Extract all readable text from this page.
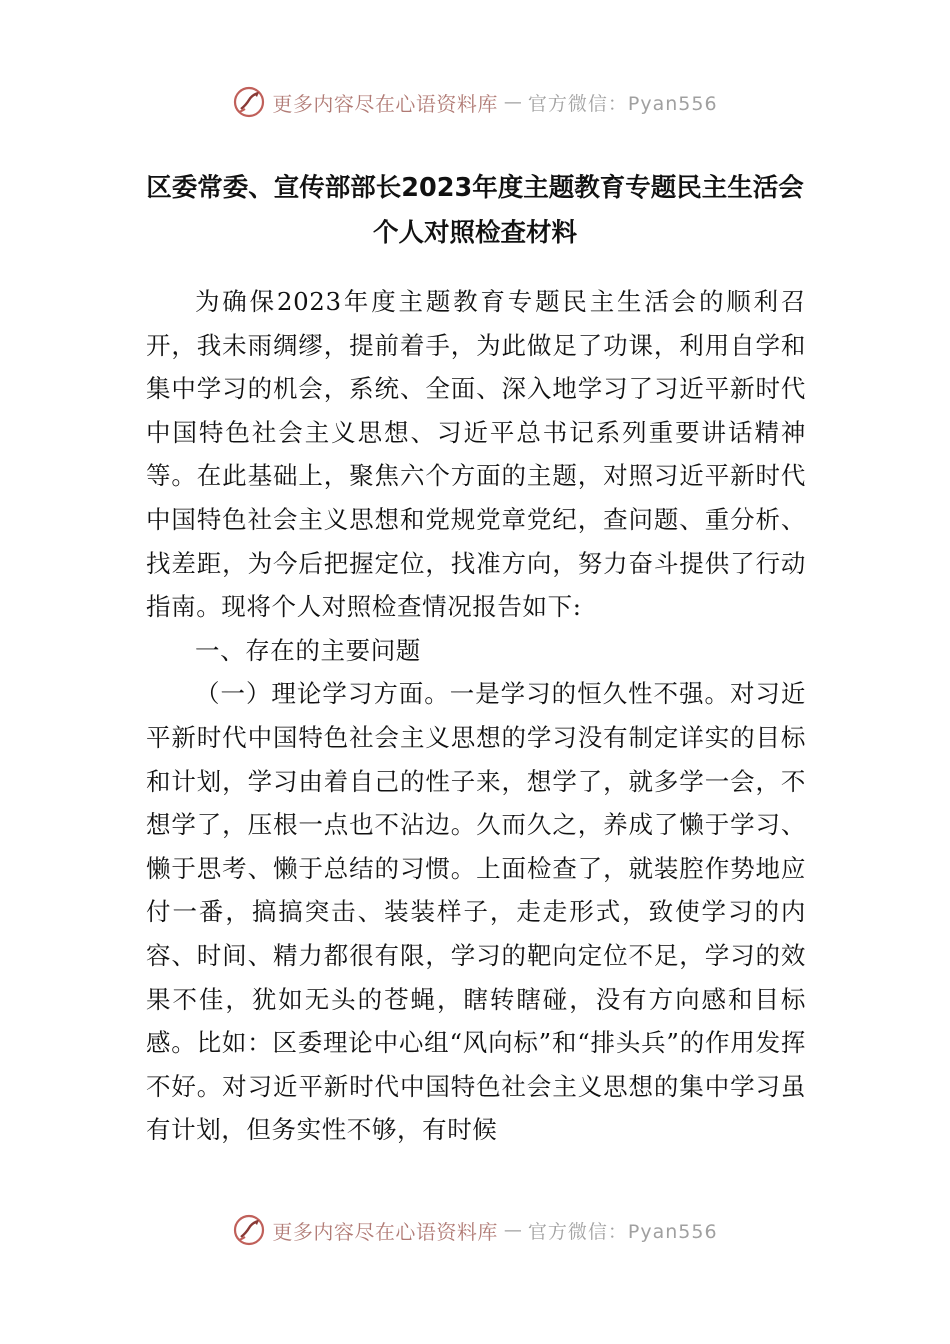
更多内容尽在心语资料库 — 官方微信：Pyan556
区委常委、宣传部部长2023年度主题教育专题民主生活会
个人对照检查材料

为确保2023年度主题教育专题民主生活会的顺利召开，我未雨绸缪，提前着手，为此做足了功课，利用自学和集中学习的机会，系统、全面、深入地学习了习近平新时代中国特色社会主义思想、习近平总书记系列重要讲话精神等。在此基础上，聚焦六个方面的主题，对照习近平新时代中国特色社会主义思想和党规党章党纪，查问题、重分析、找差距，为今后把握定位，找准方向，努力奋斗提供了行动指南。现将个人对照检查情况报告如下:

一、存在的主要问题

（一）理论学习方面。一是学习的恒久性不强。对习近平新时代中国特色社会主义思想的学习没有制定详实的目标和计划，学习由着自己的性子来，想学了，就多学一会，不想学了，压根一点也不沾边。久而久之，养成了懒于学习、懒于思考、懒于总结的习惯。上面检查了，就装腔作势地应付一番，搞搞突击、装装样子，走走形式，致使学习的内容、时间、精力都很有限，学习的靶向定位不足，学习的效果不佳，犹如无头的苍蝇，瞎转瞎碰，没有方向感和目标感。比如：区委理论中心组“风向标”和“排头兵”的作用发挥不好。对习近平新时代中国特色社会主义思想的集中学习虽有计划，但务实性不够，有时候

更多内容尽在心语资料库 — 官方微信：Pyan556
